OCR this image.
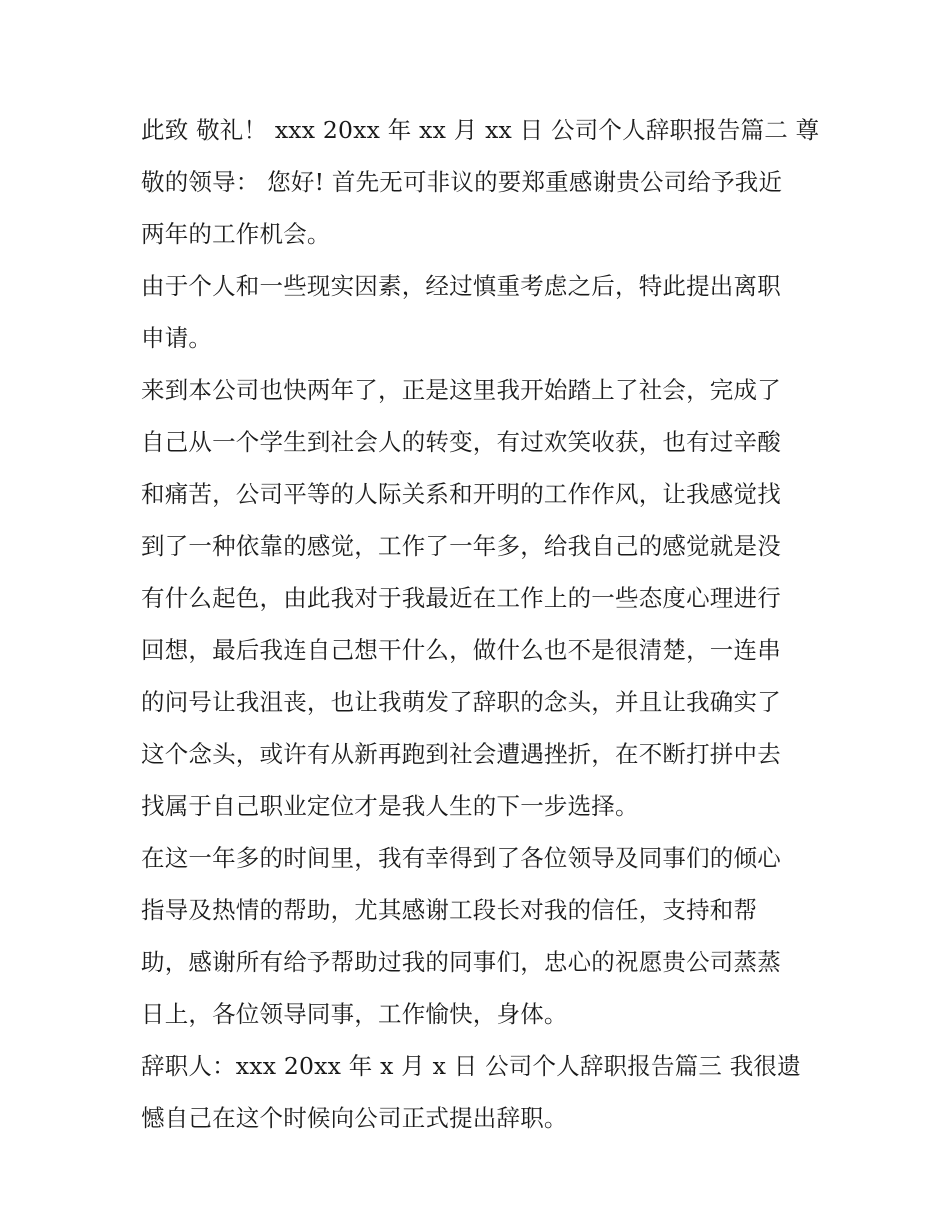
此致 敬礼！ xxx 20xx 年 xx 月 xx 日 公司个人辞职报告篇二 尊
敬的领导： 您好! 首先无可非议的要郑重感谢贵公司给予我近
两年的工作机会。
由于个人和一些现实因素，经过慎重考虑之后，特此提出离职
申请。
来到本公司也快两年了，正是这里我开始踏上了社会，完成了
自己从一个学生到社会人的转变，有过欢笑收获，也有过辛酸
和痛苦，公司平等的人际关系和开明的工作作风，让我感觉找
到了一种依靠的感觉，工作了一年多，给我自己的感觉就是没
有什么起色，由此我对于我最近在工作上的一些态度心理进行
回想，最后我连自己想干什么，做什么也不是很清楚，一连串
的问号让我沮丧，也让我萌发了辞职的念头，并且让我确实了
这个念头，或许有从新再跑到社会遭遇挫折，在不断打拼中去
找属于自己职业定位才是我人生的下一步选择。
在这一年多的时间里，我有幸得到了各位领导及同事们的倾心
指导及热情的帮助，尤其感谢工段长对我的信任，支持和帮
助，感谢所有给予帮助过我的同事们，忠心的祝愿贵公司蒸蒸
日上，各位领导同事，工作愉快，身体。
辞职人：xxx 20xx 年 x 月 x 日 公司个人辞职报告篇三 我很遗
憾自己在这个时候向公司正式提出辞职。
